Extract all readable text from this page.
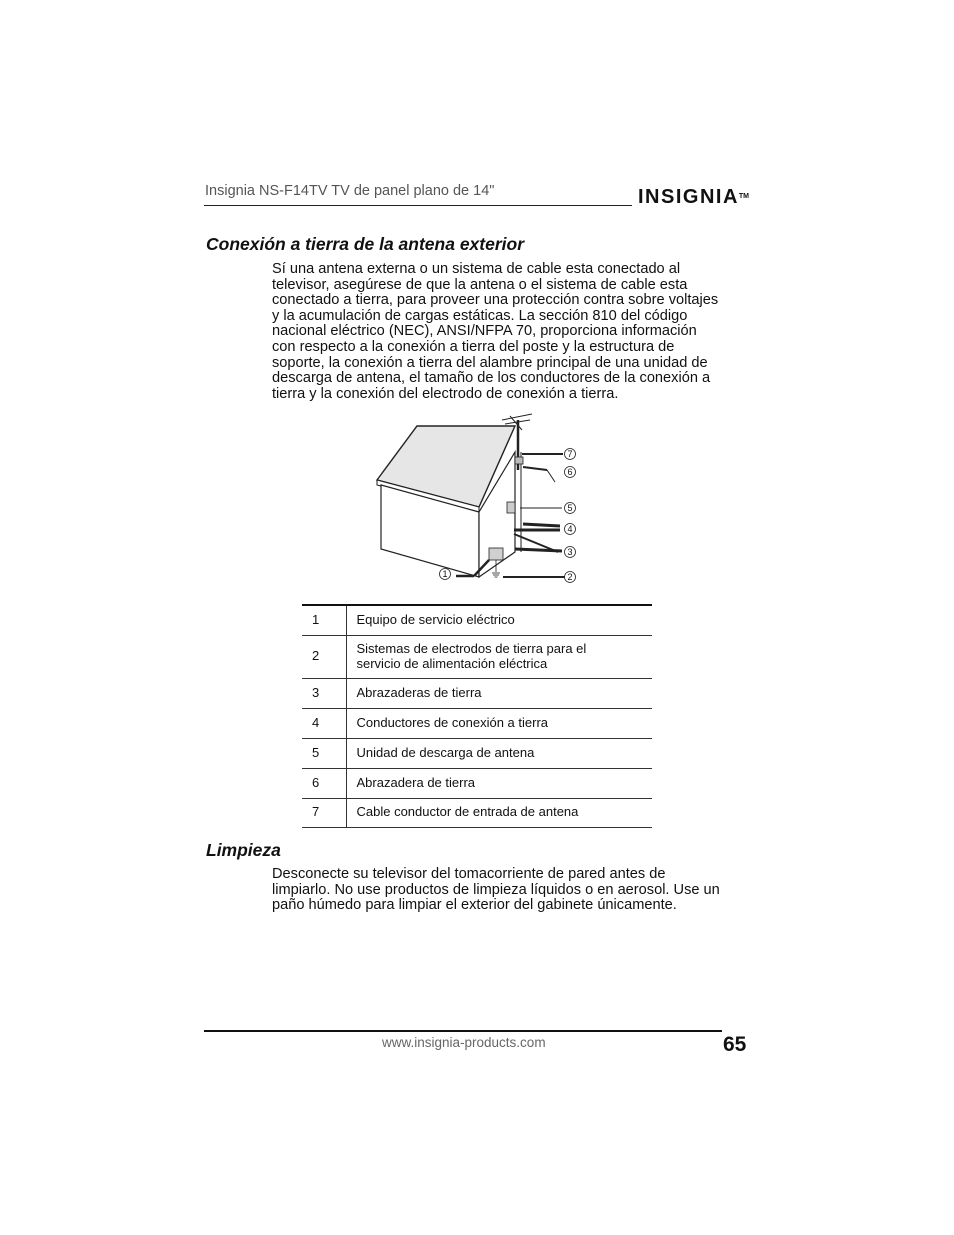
Insignia NS-F14TV TV de panel plano de 14"	INSIGNIA™
Conexión a tierra de la antena exterior
Sí una antena externa o un sistema de cable esta conectado al
televisor, asegúrese de que la antena o el sistema de cable esta
conectado a tierra, para proveer una protección contra sobre voltajes
y la acumulación de cargas estáticas. La sección 810 del código
nacional eléctrico (NEC), ANSI/NFPA 70, proporciona información
con respecto a la conexión a tierra del poste y la estructura de
soporte, la conexión a tierra del alambre principal de una unidad de
descarga de antena, el tamaño de los conductores de la conexión a
tierra y la conexión del electrodo de conexión a tierra.
7
6
5
4
3
2
1
1	Equipo de servicio eléctrico

2	Sistemas de electrodos de tierra para el
servicio de alimentación eléctrica

3	Abrazaderas de tierra

4	Conductores de conexión a tierra

5	Unidad de descarga de antena

6	Abrazadera de tierra

7	Cable conductor de entrada de antena
Limpieza
Desconecte su televisor del tomacorriente de pared antes de
limpiarlo. No use productos de limpieza líquidos o en aerosol. Use un
paño húmedo para limpiar el exterior del gabinete únicamente.
www.insignia-products.com	65
